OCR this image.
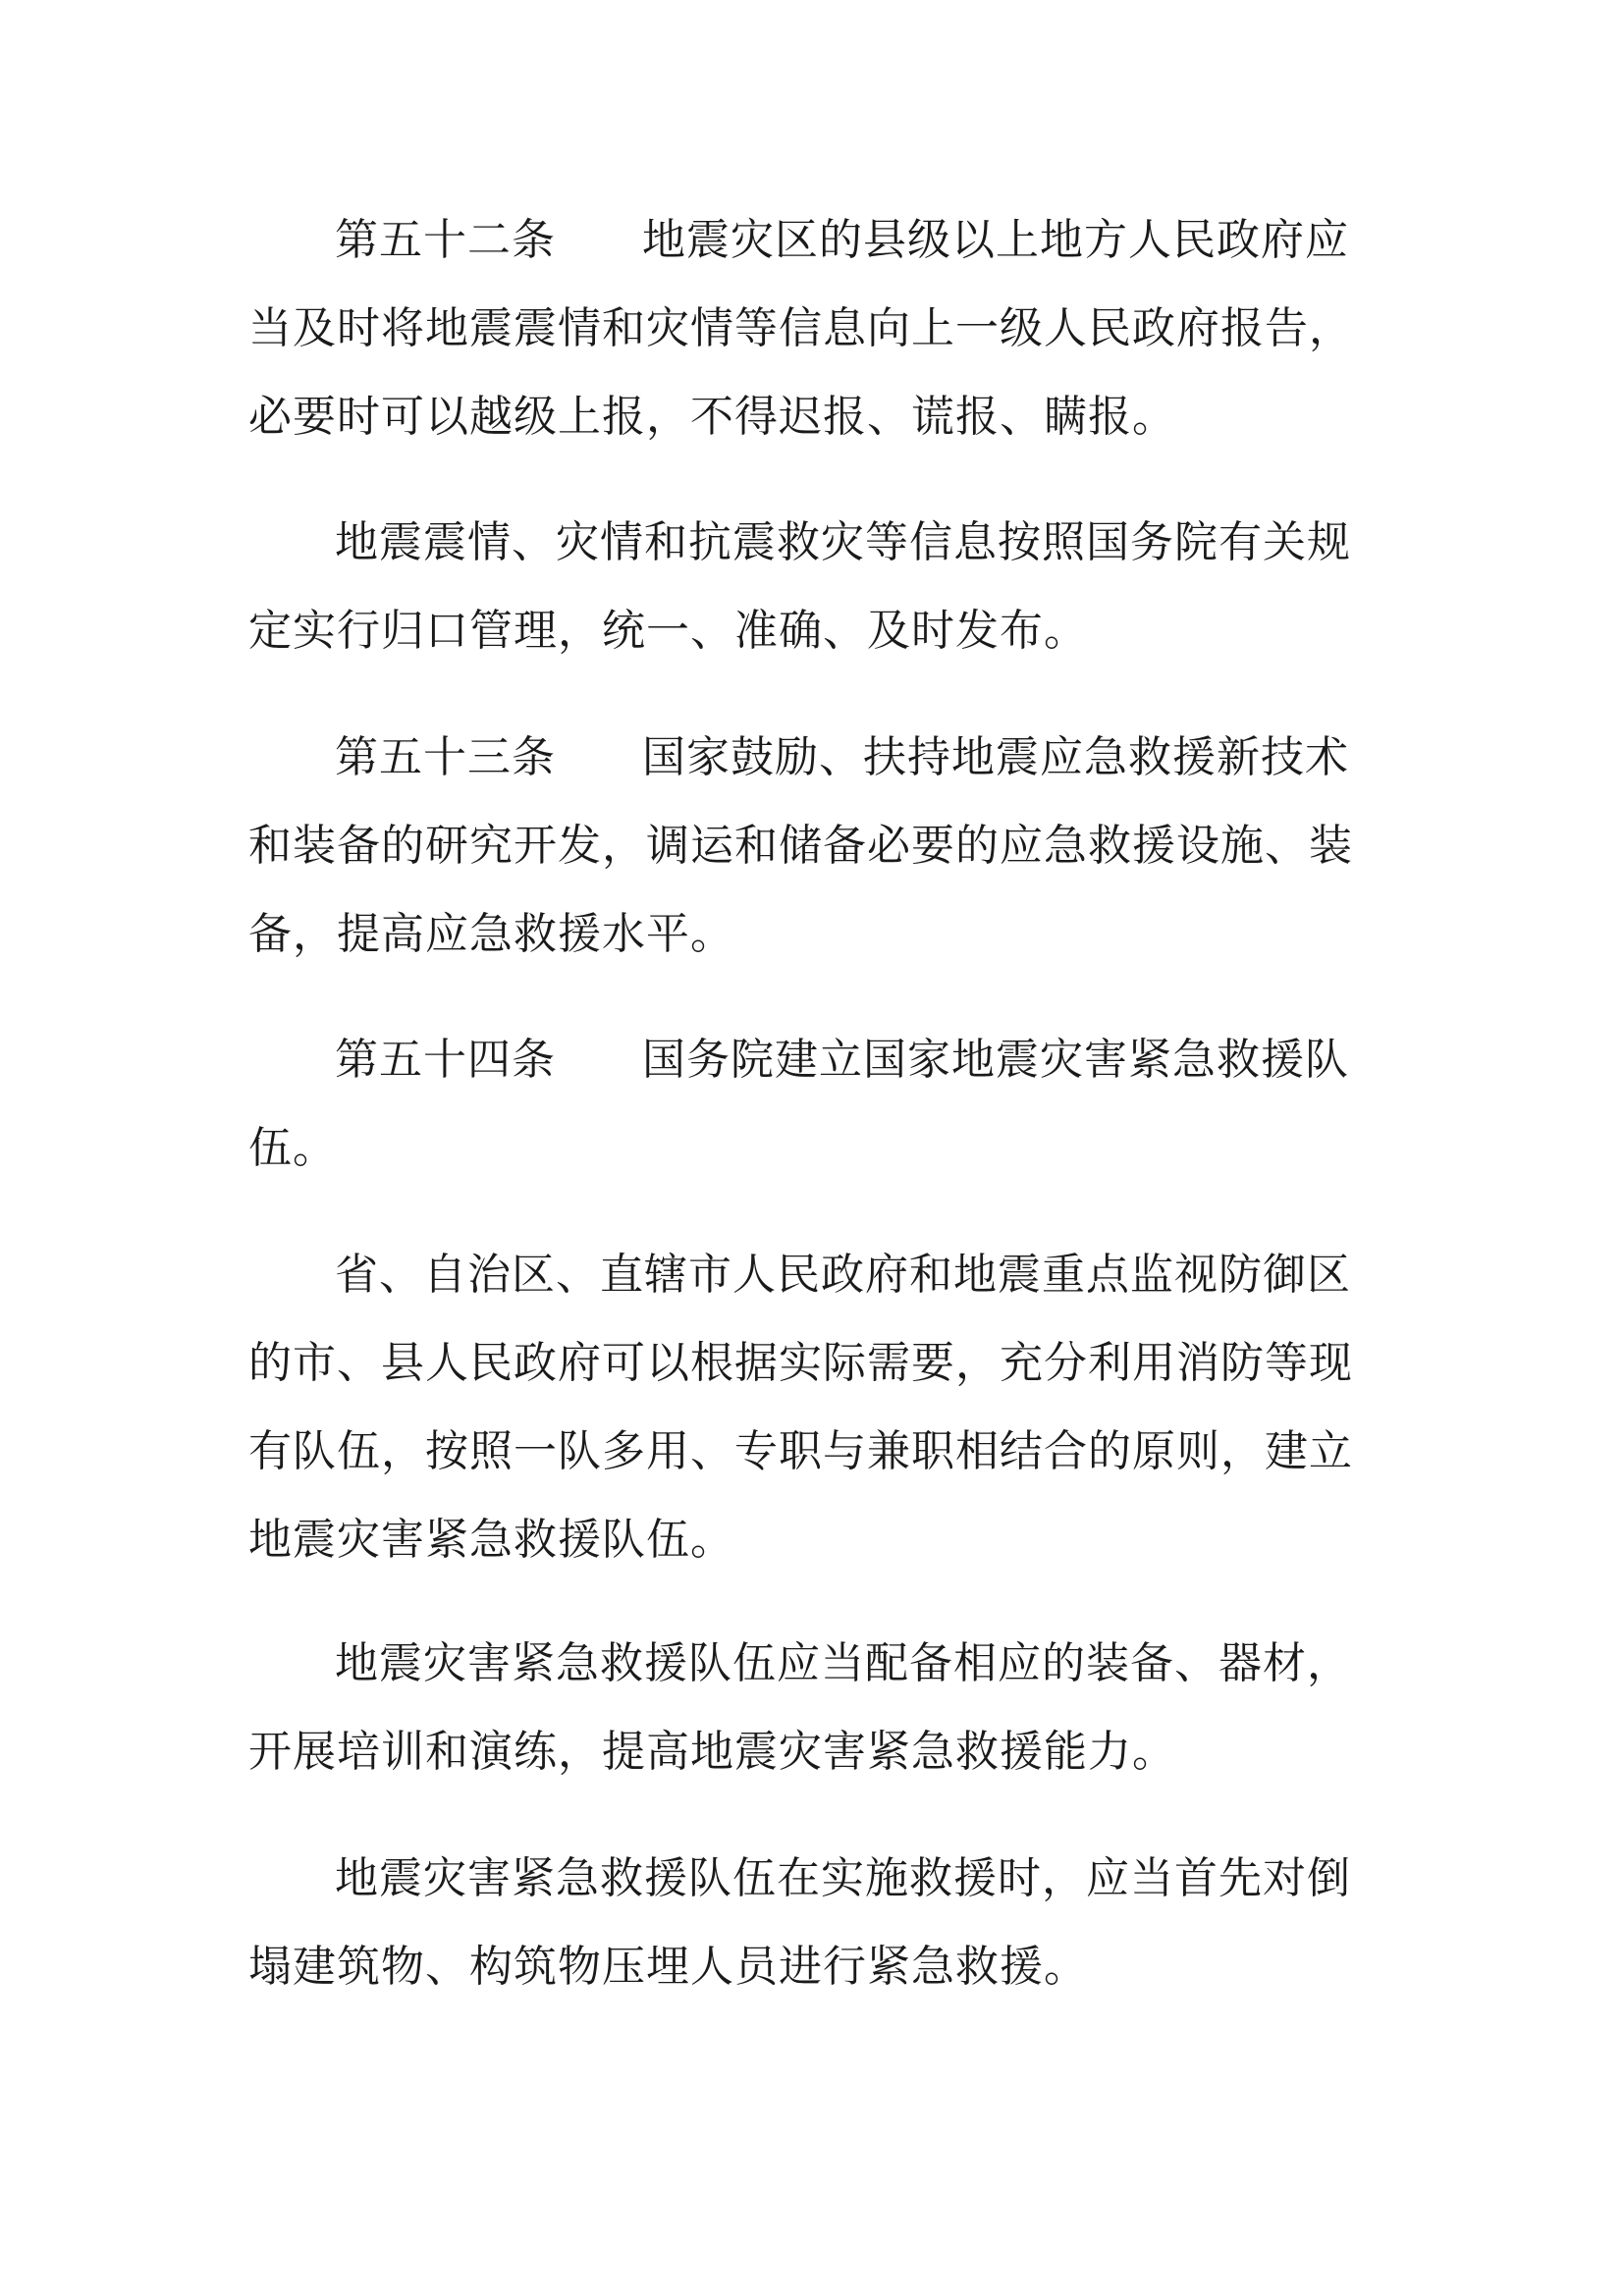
第五十二条 地震灾区的县级以上地方人民政府应当及时将地震震情和灾情等信息向上一级人民政府报告，必要时可以越级上报，不得迟报、谎报、瞒报。

地震震情、灾情和抗震救灾等信息按照国务院有关规定实行归口管理，统一、准确、及时发布。

第五十三条 国家鼓励、扶持地震应急救援新技术和装备的研究开发，调运和储备必要的应急救援设施、装备，提高应急救援水平。

第五十四条 国务院建立国家地震灾害紧急救援队伍。

省、自治区、直辖市人民政府和地震重点监视防御区的市、县人民政府可以根据实际需要，充分利用消防等现有队伍，按照一队多用、专职与兼职相结合的原则，建立地震灾害紧急救援队伍。

地震灾害紧急救援队伍应当配备相应的装备、器材，开展培训和演练，提高地震灾害紧急救援能力。

地震灾害紧急救援队伍在实施救援时，应当首先对倒塌建筑物、构筑物压埋人员进行紧急救援。
